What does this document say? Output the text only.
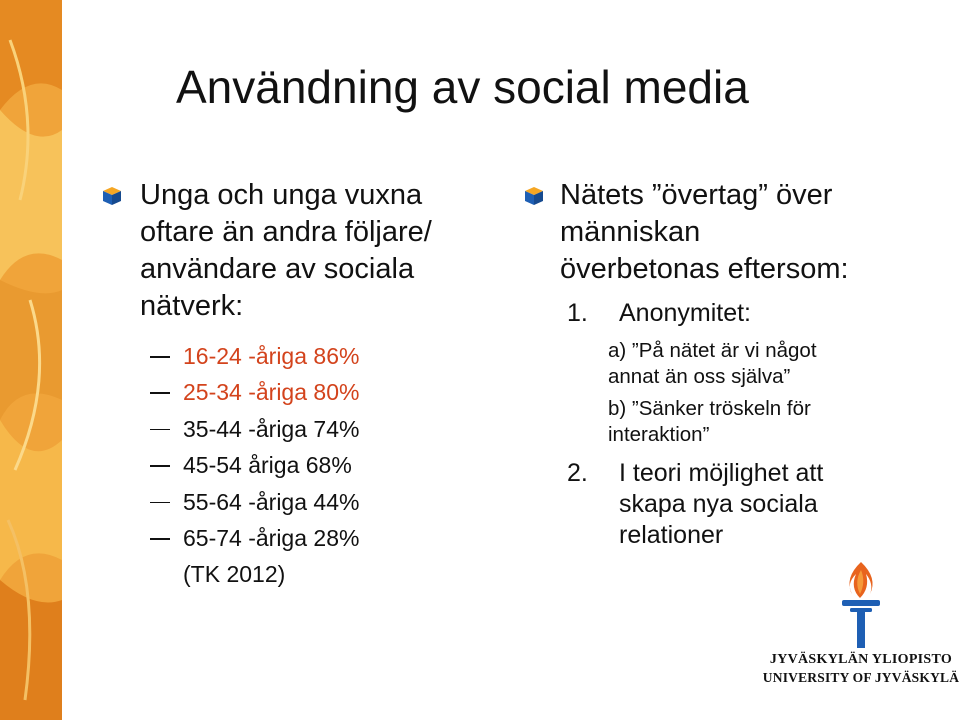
Användning av social media
Unga och unga vuxna
oftare än andra följare/
användare av sociala
nätverk:
16-24 -åriga 86%
25-34 -åriga 80%
35-44 -åriga 74%
45-54 åriga 68%
55-64 -åriga 44%
65-74 -åriga 28%
(TK 2012)
Nätets ”övertag” över
människan
överbetonas eftersom:
1. Anonymitet:
a) ”På nätet är vi något
annat än oss själva”
b) ”Sänker tröskeln för
interaktion”
2. I teori möjlighet att
skapa nya sociala
relationer
JYVÄSKYLÄN YLIOPISTO
UNIVERSITY OF JYVÄSKYLÄ
